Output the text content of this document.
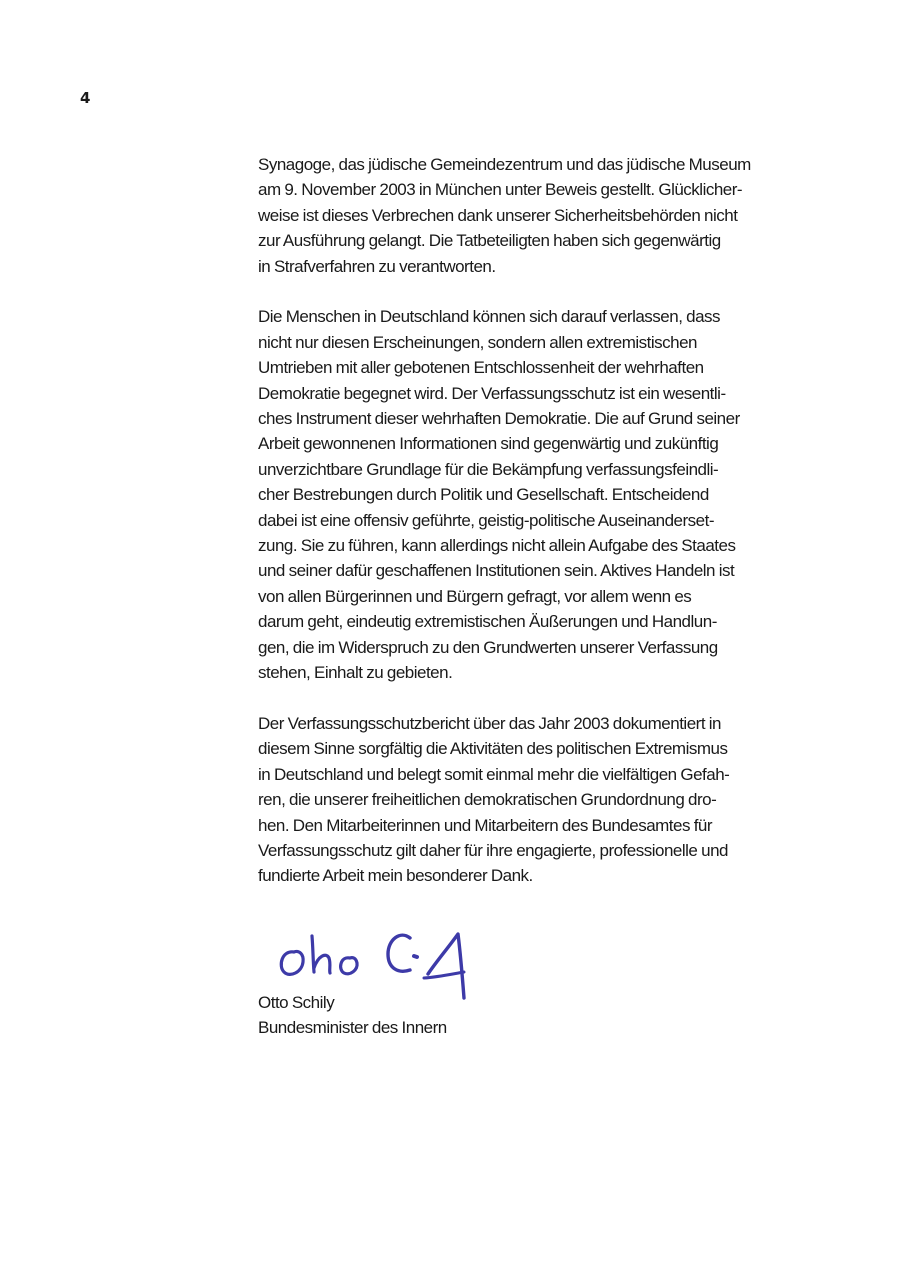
4
Synagoge, das jüdische Gemeindezentrum und das jüdische Museum
am 9. November 2003 in München unter Beweis gestellt. Glücklicher-
weise ist dieses Verbrechen dank unserer Sicherheitsbehörden nicht
zur Ausführung gelangt. Die Tatbeteiligten haben sich gegenwärtig
in Strafverfahren zu verantworten.
Die Menschen in Deutschland können sich darauf verlassen, dass
nicht nur diesen Erscheinungen, sondern allen extremistischen
Umtrieben mit aller gebotenen Entschlossenheit der wehrhaften
Demokratie begegnet wird. Der Verfassungsschutz ist ein wesentli-
ches Instrument dieser wehrhaften Demokratie. Die auf Grund seiner
Arbeit gewonnenen Informationen sind gegenwärtig und zukünftig
unverzichtbare Grundlage für die Bekämpfung verfassungsfeindli-
cher Bestrebungen durch Politik und Gesellschaft. Entscheidend
dabei ist eine offensiv geführte, geistig-politische Auseinanderset-
zung. Sie zu führen, kann allerdings nicht allein Aufgabe des Staates
und seiner dafür geschaffenen Institutionen sein. Aktives Handeln ist
von allen Bürgerinnen und Bürgern gefragt, vor allem wenn es
darum geht, eindeutig extremistischen Äußerungen und Handlun-
gen, die im Widerspruch zu den Grundwerten unserer Verfassung
stehen, Einhalt zu gebieten.
Der Verfassungsschutzbericht über das Jahr 2003 dokumentiert in
diesem Sinne sorgfältig die Aktivitäten des politischen Extremismus
in Deutschland und belegt somit einmal mehr die vielfältigen Gefah-
ren, die unserer freiheitlichen demokratischen Grundordnung dro-
hen. Den Mitarbeiterinnen und Mitarbeitern des Bundesamtes für
Verfassungsschutz gilt daher für ihre engagierte, professionelle und
fundierte Arbeit mein besonderer Dank.
Otto Schily
Bundesminister des Innern
